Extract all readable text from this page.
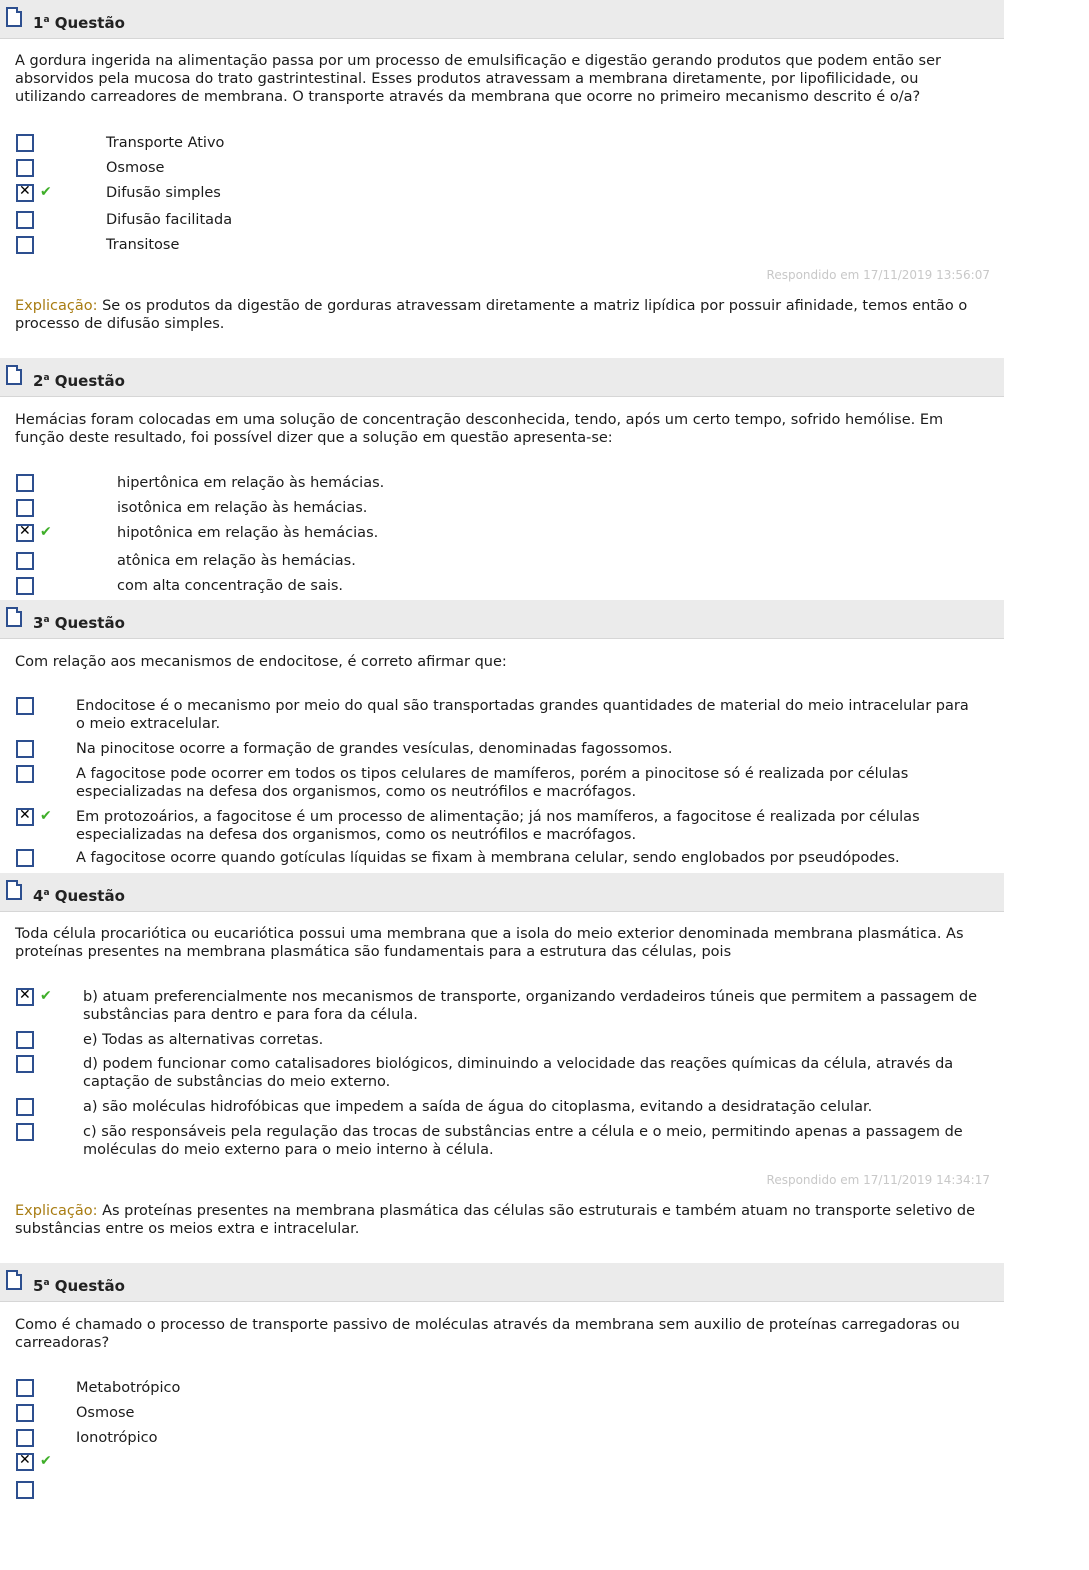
1$^a$ Questão
A gordura ingerida na alimentação passa por um processo de emulsificação e digestão gerando produtos que podem então ser absorvidos pela mucosa do trato gastrintestinal. Esses produtos atravessam a membrana diretamente, por lipofilicidade, ou utilizando carreadores de membrana. O transporte através da membrana que ocorre no primeiro mecanismo descrito é o/a?
Transporte Ativo
Osmose
✕
✔	Difusão simples
Difusão facilitada
Transitose
Respondido em 17/11/2019 13:56:07
Explicação: Se os produtos da digestão de gorduras atravessam diretamente a matriz lipídica por possuir afinidade, temos então o processo de difusão simples.
2$^a$ Questão
Hemácias foram colocadas em uma solução de concentração desconhecida, tendo, após um certo tempo, sofrido hemólise. Em função deste resultado, foi possível dizer que a solução em questão apresenta-se:
hipertônica em relação às hemácias.
isotônica em relação às hemácias.
✕
✔	hipotônica em relação às hemácias.
atônica em relação às hemácias.
com alta concentração de sais.
3$^a$ Questão
Com relação aos mecanismos de endocitose, é correto afirmar que:
Endocitose é o mecanismo por meio do qual são transportadas grandes quantidades de material do meio intracelular para o meio extracelular.
Na pinocitose ocorre a formação de grandes vesículas, denominadas fagossomos.
A fagocitose pode ocorrer em todos os tipos celulares de mamíferos, porém a pinocitose só é realizada por células especializadas na defesa dos organismos, como os neutrófilos e macrófagos.
✕
✔ Em protozoários, a fagocitose é um processo de alimentação; já nos mamíferos, a fagocitose é realizada por células especializadas na defesa dos organismos, como os neutrófilos e macrófagos.
A fagocitose ocorre quando gotículas líquidas se fixam à membrana celular, sendo englobados por pseudópodes.
4$^a$ Questão
Toda célula procariótica ou eucariótica possui uma membrana que a isola do meio exterior denominada membrana plasmática. As proteínas presentes na membrana plasmática são fundamentais para a estrutura das células, pois
✕
✔ b) atuam preferencialmente nos mecanismos de transporte, organizando verdadeiros túneis que permitem a passagem de substâncias para dentro e para fora da célula.
e) Todas as alternativas corretas.
d) podem funcionar como catalisadores biológicos, diminuindo a velocidade das reações químicas da célula, através da captação de substâncias do meio externo.
a) são moléculas hidrofóbicas que impedem a saída de água do citoplasma, evitando a desidratação celular.
c) são responsáveis pela regulação das trocas de substâncias entre a célula e o meio, permitindo apenas a passagem de moléculas do meio externo para o meio interno à célula.
Respondido em 17/11/2019 14:34:17
Explicação: As proteínas presentes na membrana plasmática das células são estruturais e também atuam no transporte seletivo de substâncias entre os meios extra e intracelular.
5$^a$ Questão
Como é chamado o processo de transporte passivo de moléculas através da membrana sem auxilio de proteínas carregadoras ou carreadoras?
Metabotrópico
Osmose
Ionotrópico
✕
✔
